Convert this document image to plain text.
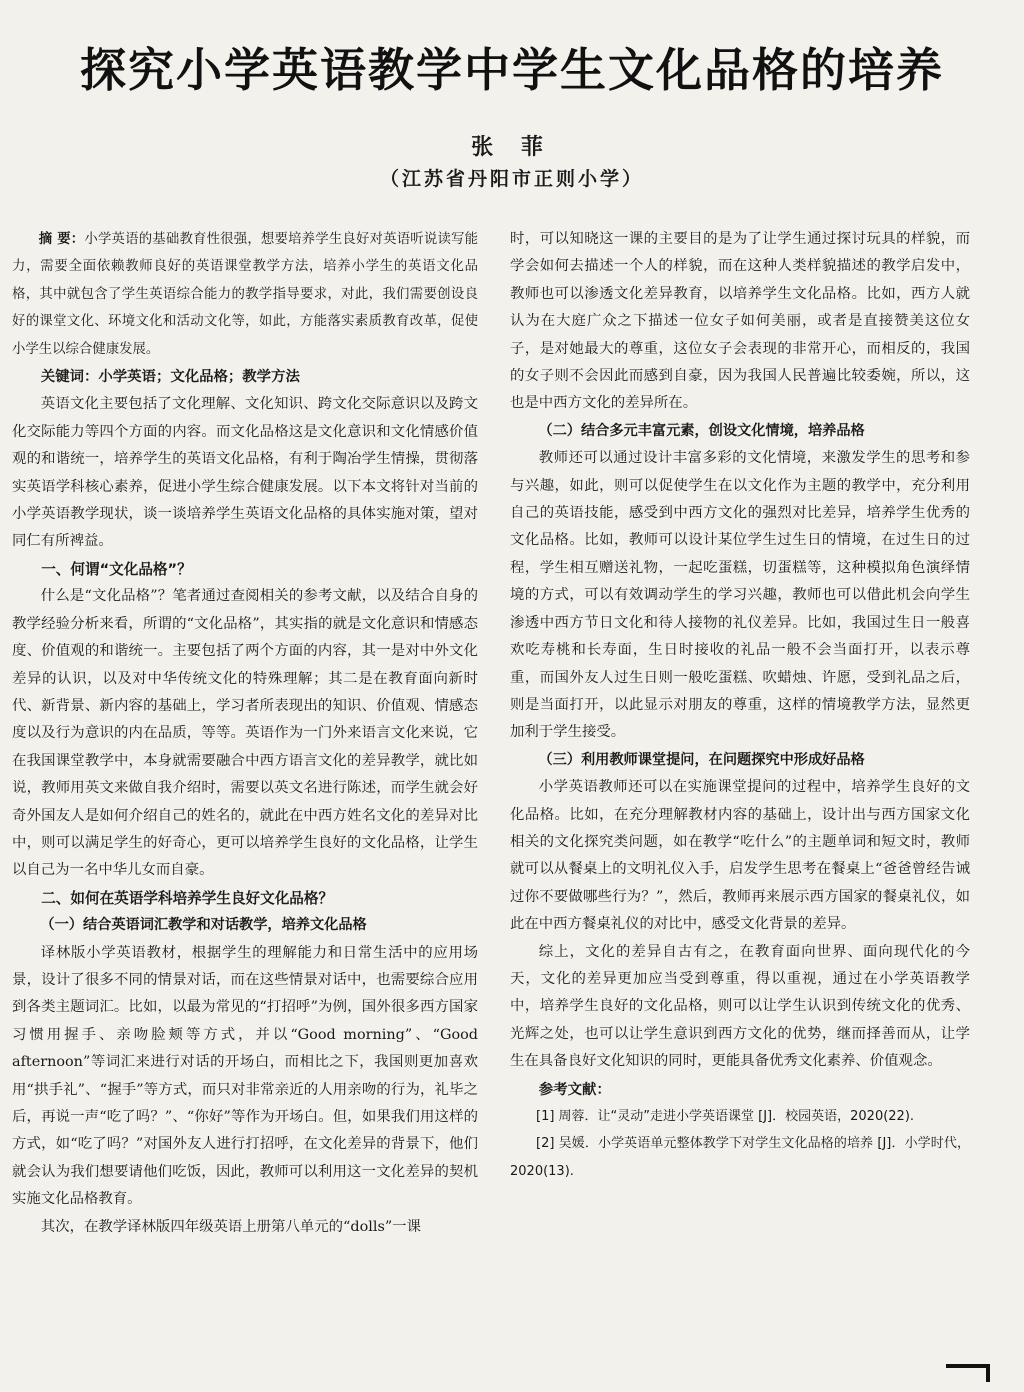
探究小学英语教学中学生文化品格的培养
张 菲
（江苏省丹阳市正则小学）

摘 要：小学英语的基础教育性很强，想要培养学生良好对英语听说读写能力，需要全面依赖教师良好的英语课堂教学方法，培养小学生的英语文化品格，其中就包含了学生英语综合能力的教学指导要求，对此，我们需要创设良好的课堂文化、环境文化和活动文化等，如此，方能落实素质教育改革，促使小学生以综合健康发展。

关键词：小学英语；文化品格；教学方法

英语文化主要包括了文化理解、文化知识、跨文化交际意识以及跨文化交际能力等四个方面的内容。而文化品格这是文化意识和文化情感价值观的和谐统一，培养学生的英语文化品格，有利于陶冶学生情操，贯彻落实英语学科核心素养，促进小学生综合健康发展。以下本文将针对当前的小学英语教学现状，谈一谈培养学生英语文化品格的具体实施对策，望对同仁有所裨益。

一、何谓“文化品格”？

什么是“文化品格”？笔者通过查阅相关的参考文献，以及结合自身的教学经验分析来看，所谓的“文化品格”，其实指的就是文化意识和情感态度、价值观的和谐统一。主要包括了两个方面的内容，其一是对中外文化差异的认识，以及对中华传统文化的特殊理解；其二是在教育面向新时代、新背景、新内容的基础上，学习者所表现出的知识、价值观、情感态度以及行为意识的内在品质，等等。英语作为一门外来语言文化来说，它在我国课堂教学中，本身就需要融合中西方语言文化的差异教学，就比如说，教师用英文来做自我介绍时，需要以英文名进行陈述，而学生就会好奇外国友人是如何介绍自己的姓名的，就此在中西方姓名文化的差异对比中，则可以满足学生的好奇心，更可以培养学生良好的文化品格，让学生以自己为一名中华儿女而自豪。

二、如何在英语学科培养学生良好文化品格？

（一）结合英语词汇教学和对话教学，培养文化品格

译林版小学英语教材，根据学生的理解能力和日常生活中的应用场景，设计了很多不同的情景对话，而在这些情景对话中，也需要综合应用到各类主题词汇。比如，以最为常见的“打招呼”为例，国外很多西方国家习惯用握手、亲吻脸颊等方式，并以“Good morning”、“Good afternoon”等词汇来进行对话的开场白，而相比之下，我国则更加喜欢用“拱手礼”、“握手”等方式，而只对非常亲近的人用亲吻的行为，礼毕之后，再说一声“吃了吗？”、“你好”等作为开场白。但，如果我们用这样的方式，如“吃了吗？”对国外友人进行打招呼，在文化差异的背景下，他们就会认为我们想要请他们吃饭，因此，教师可以利用这一文化差异的契机实施文化品格教育。

其次，在教学译林版四年级英语上册第八单元的“dolls”一课

时，可以知晓这一课的主要目的是为了让学生通过探讨玩具的样貌，而学会如何去描述一个人的样貌，而在这种人类样貌描述的教学启发中，教师也可以渗透文化差异教育，以培养学生文化品格。比如，西方人就认为在大庭广众之下描述一位女子如何美丽，或者是直接赞美这位女子，是对她最大的尊重，这位女子会表现的非常开心，而相反的，我国的女子则不会因此而感到自豪，因为我国人民普遍比较委婉，所以，这也是中西方文化的差异所在。

（二）结合多元丰富元素，创设文化情境，培养品格

教师还可以通过设计丰富多彩的文化情境，来激发学生的思考和参与兴趣，如此，则可以促使学生在以文化作为主题的教学中，充分利用自己的英语技能，感受到中西方文化的强烈对比差异，培养学生优秀的文化品格。比如，教师可以设计某位学生过生日的情境，在过生日的过程，学生相互赠送礼物，一起吃蛋糕，切蛋糕等，这种模拟角色演绎情境的方式，可以有效调动学生的学习兴趣，教师也可以借此机会向学生渗透中西方节日文化和待人接物的礼仪差异。比如，我国过生日一般喜欢吃寿桃和长寿面，生日时接收的礼品一般不会当面打开，以表示尊重，而国外友人过生日则一般吃蛋糕、吹蜡烛、许愿，受到礼品之后，则是当面打开，以此显示对朋友的尊重，这样的情境教学方法，显然更加利于学生接受。

（三）利用教师课堂提问，在问题探究中形成好品格

小学英语教师还可以在实施课堂提问的过程中，培养学生良好的文化品格。比如，在充分理解教材内容的基础上，设计出与西方国家文化相关的文化探究类问题，如在教学“吃什么”的主题单词和短文时，教师就可以从餐桌上的文明礼仪入手，启发学生思考在餐桌上“爸爸曾经告诫过你不要做哪些行为？”，然后，教师再来展示西方国家的餐桌礼仪，如此在中西方餐桌礼仪的对比中，感受文化背景的差异。

综上，文化的差异自古有之，在教育面向世界、面向现代化的今天，文化的差异更加应当受到尊重，得以重视，通过在小学英语教学中，培养学生良好的文化品格，则可以让学生认识到传统文化的优秀、光辉之处，也可以让学生意识到西方文化的优势，继而择善而从，让学生在具备良好文化知识的同时，更能具备优秀文化素养、价值观念。

参考文献：

[1] 周蓉．让“灵动”走进小学英语课堂 [J]．校园英语，2020(22).

[2] 吴媛．小学英语单元整体教学下对学生文化品格的培养 [J]．小学时代，2020(13).
